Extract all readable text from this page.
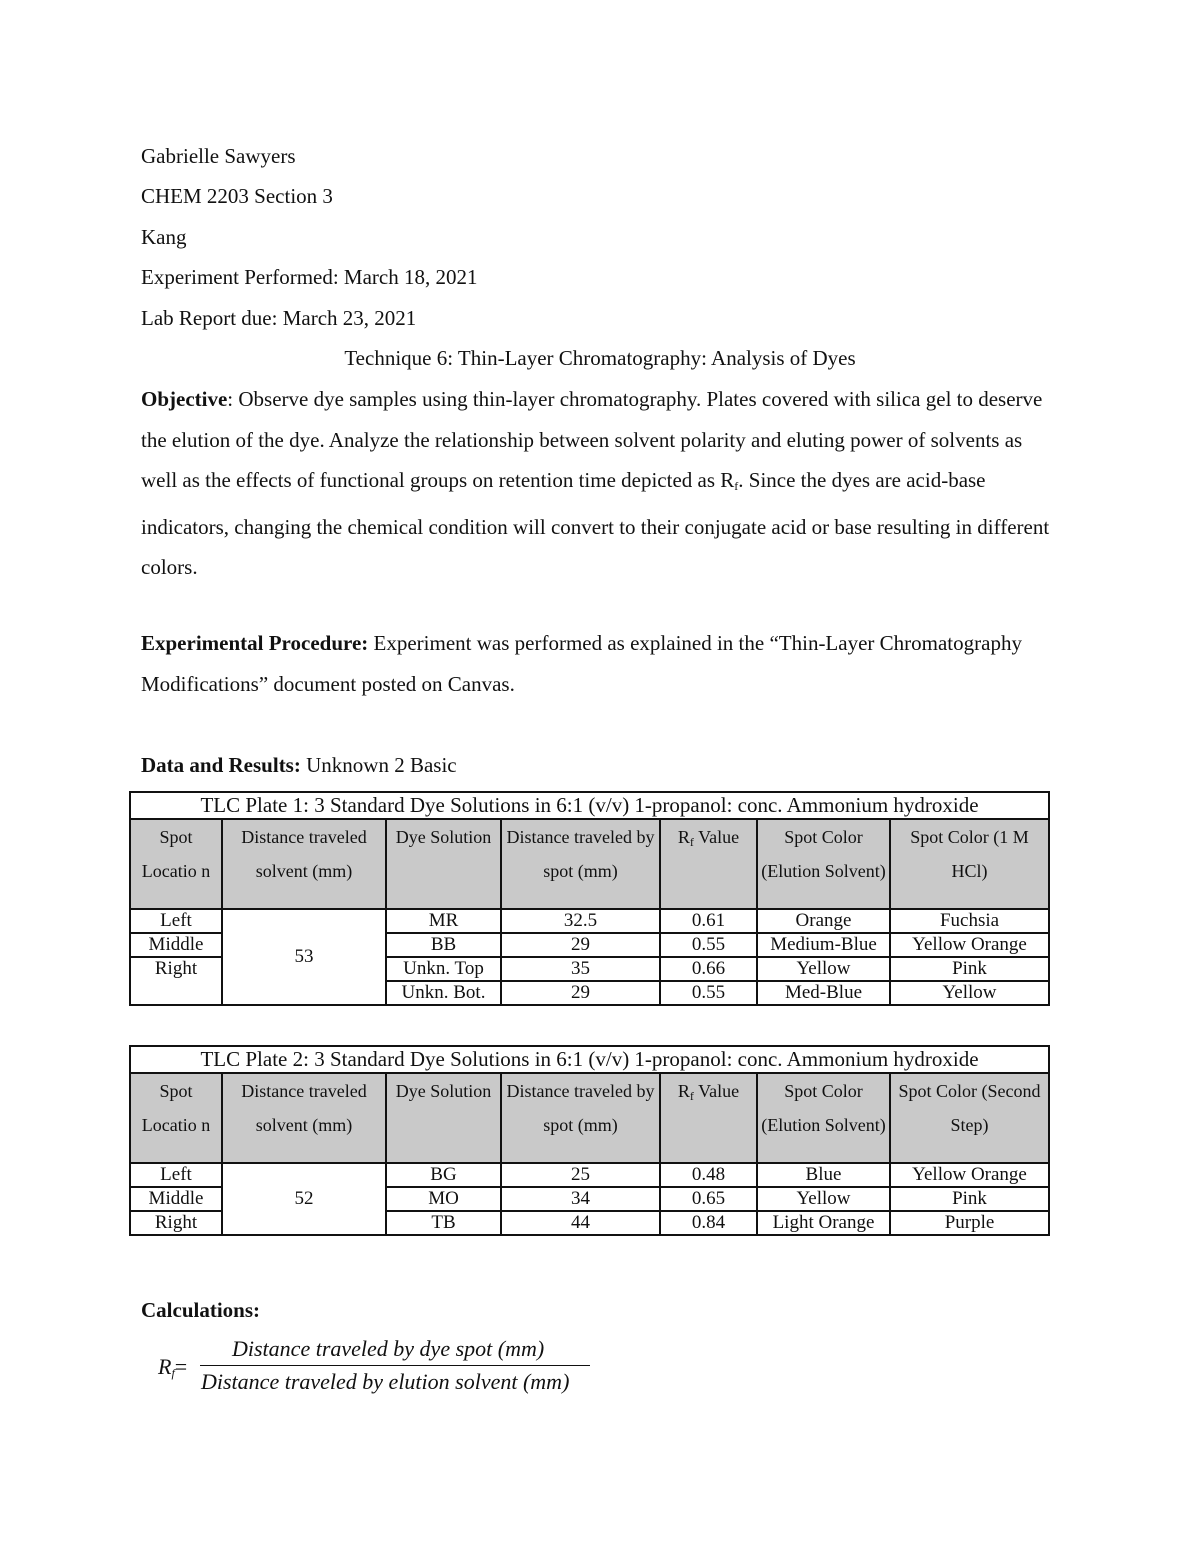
Gabrielle Sawyers
CHEM 2203 Section 3
Kang
Experiment Performed: March 18, 2021
Lab Report due: March 23, 2021
Technique 6: Thin-Layer Chromatography: Analysis of Dyes
Objective: Observe dye samples using thin-layer chromatography. Plates covered with silica gel to deserve the elution of the dye. Analyze the relationship between solvent polarity and eluting power of solvents as well as the effects of functional groups on retention time depicted as $R_f$. Since the dyes are acid-base indicators, changing the chemical condition will convert to their conjugate acid or base resulting in different colors.
Experimental Procedure: Experiment was performed as explained in the “Thin-Layer Chromatography Modifications” document posted on Canvas.
Data and Results: Unknown 2 Basic
TLC Plate 1: 3 Standard Dye Solutions in 6:1 (v/v) 1-propanol: conc. Ammonium hydroxide						
Spot Locatio n	Distance traveled solvent (mm)	Dye Solution	Distance traveled by spot (mm)	$R_f$ Value	Spot Color (Elution Solvent)	Spot Color (1 M HCl)
Left	53	MR	32.5	0.61	Orange	Fuchsia
Middle		BB	29	0.55	Medium-Blue	Yellow Orange
Right		Unkn. Top	35	0.66	Yellow	Pink
		Unkn. Bot.	29	0.55	Med-Blue	Yellow
TLC Plate 2: 3 Standard Dye Solutions in 6:1 (v/v) 1-propanol: conc. Ammonium hydroxide						
Spot Locatio n	Distance traveled solvent (mm)	Dye Solution	Distance traveled by spot (mm)	$R_f$ Value	Spot Color (Elution Solvent)	Spot Color (Second Step)
Left	52	BG	25	0.48	Blue	Yellow Orange
Middle		MO	34	0.65	Yellow	Pink
Right		TB	44	0.84	Light Orange	Purple

Calculations:
$R_f=$
Distance traveled by dye spot (mm)
Distance traveled by elution solvent (mm)
